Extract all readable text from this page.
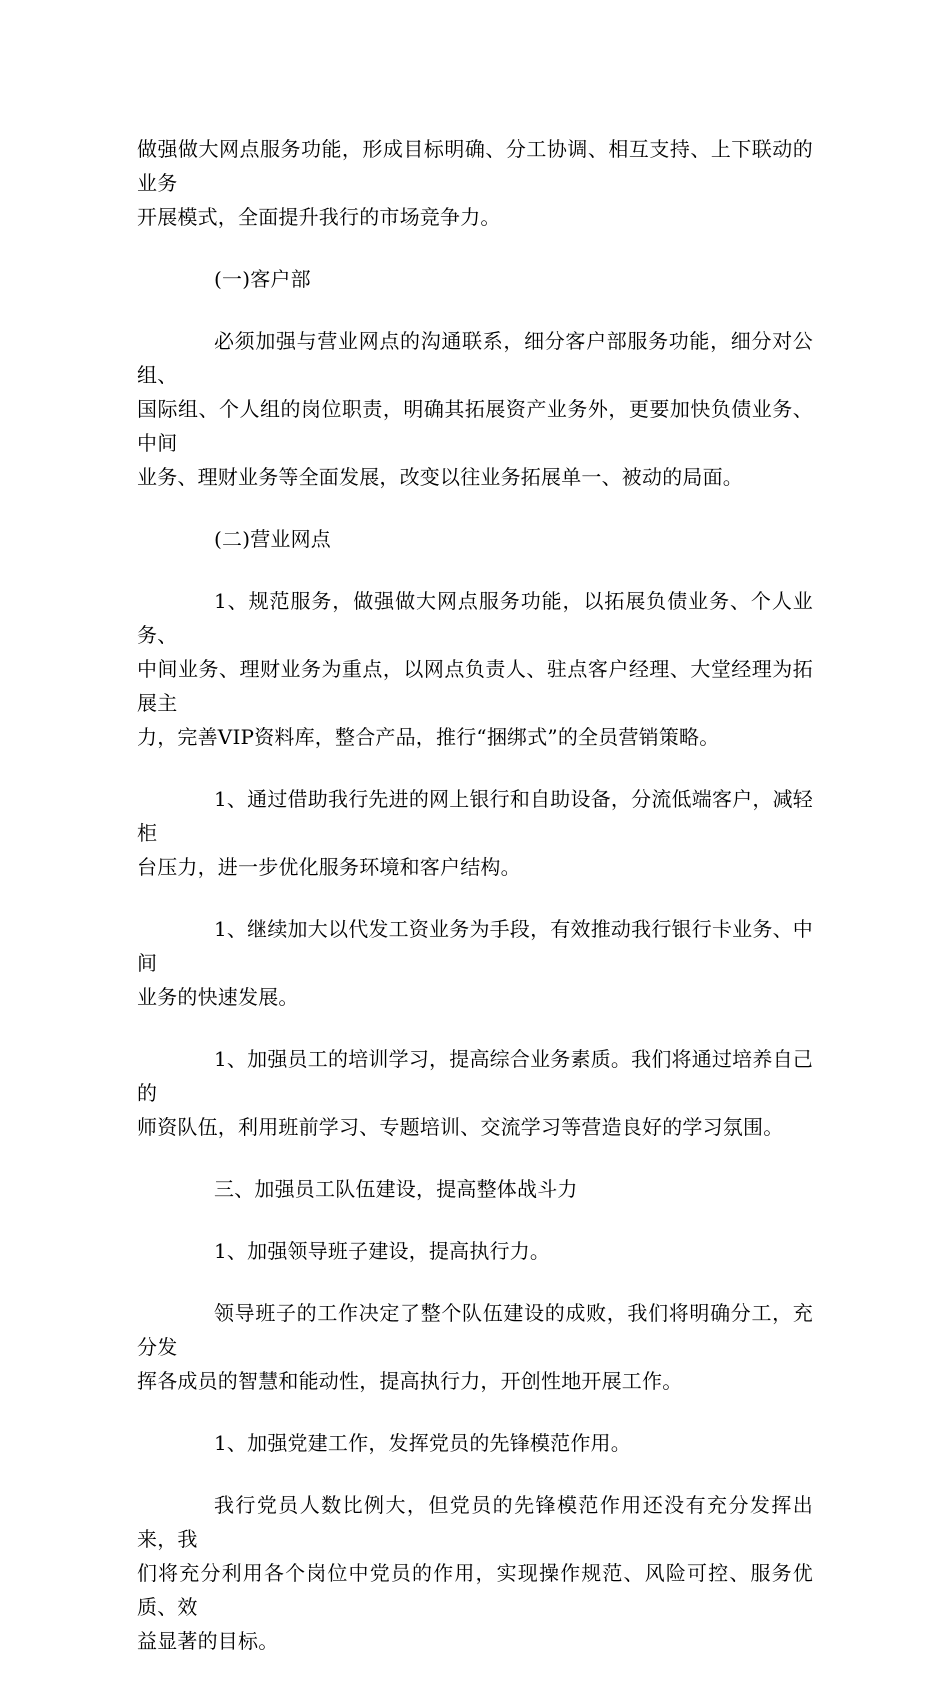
做强做大网点服务功能，形成目标明确、分工协调、相互支持、上下联动的业务
开展模式，全面提升我行的市场竞争力。

(一)客户部

必须加强与营业网点的沟通联系，细分客户部服务功能，细分对公组、
国际组、个人组的岗位职责，明确其拓展资产业务外，更要加快负债业务、中间
业务、理财业务等全面发展，改变以往业务拓展单一、被动的局面。

(二)营业网点

1、规范服务，做强做大网点服务功能，以拓展负债业务、个人业务、
中间业务、理财业务为重点，以网点负责人、驻点客户经理、大堂经理为拓展主
力，完善VIP资料库，整合产品，推行“捆绑式”的全员营销策略。

1、通过借助我行先进的网上银行和自助设备，分流低端客户，减轻柜
台压力，进一步优化服务环境和客户结构。

1、继续加大以代发工资业务为手段，有效推动我行银行卡业务、中间
业务的快速发展。

1、加强员工的培训学习，提高综合业务素质。我们将通过培养自己的
师资队伍，利用班前学习、专题培训、交流学习等营造良好的学习氛围。

三、加强员工队伍建设，提高整体战斗力

1、加强领导班子建设，提高执行力。

领导班子的工作决定了整个队伍建设的成败，我们将明确分工，充分发
挥各成员的智慧和能动性，提高执行力，开创性地开展工作。

1、加强党建工作，发挥党员的先锋模范作用。

我行党员人数比例大，但党员的先锋模范作用还没有充分发挥出来，我
们将充分利用各个岗位中党员的作用，实现操作规范、风险可控、服务优质、效
益显著的目标。
